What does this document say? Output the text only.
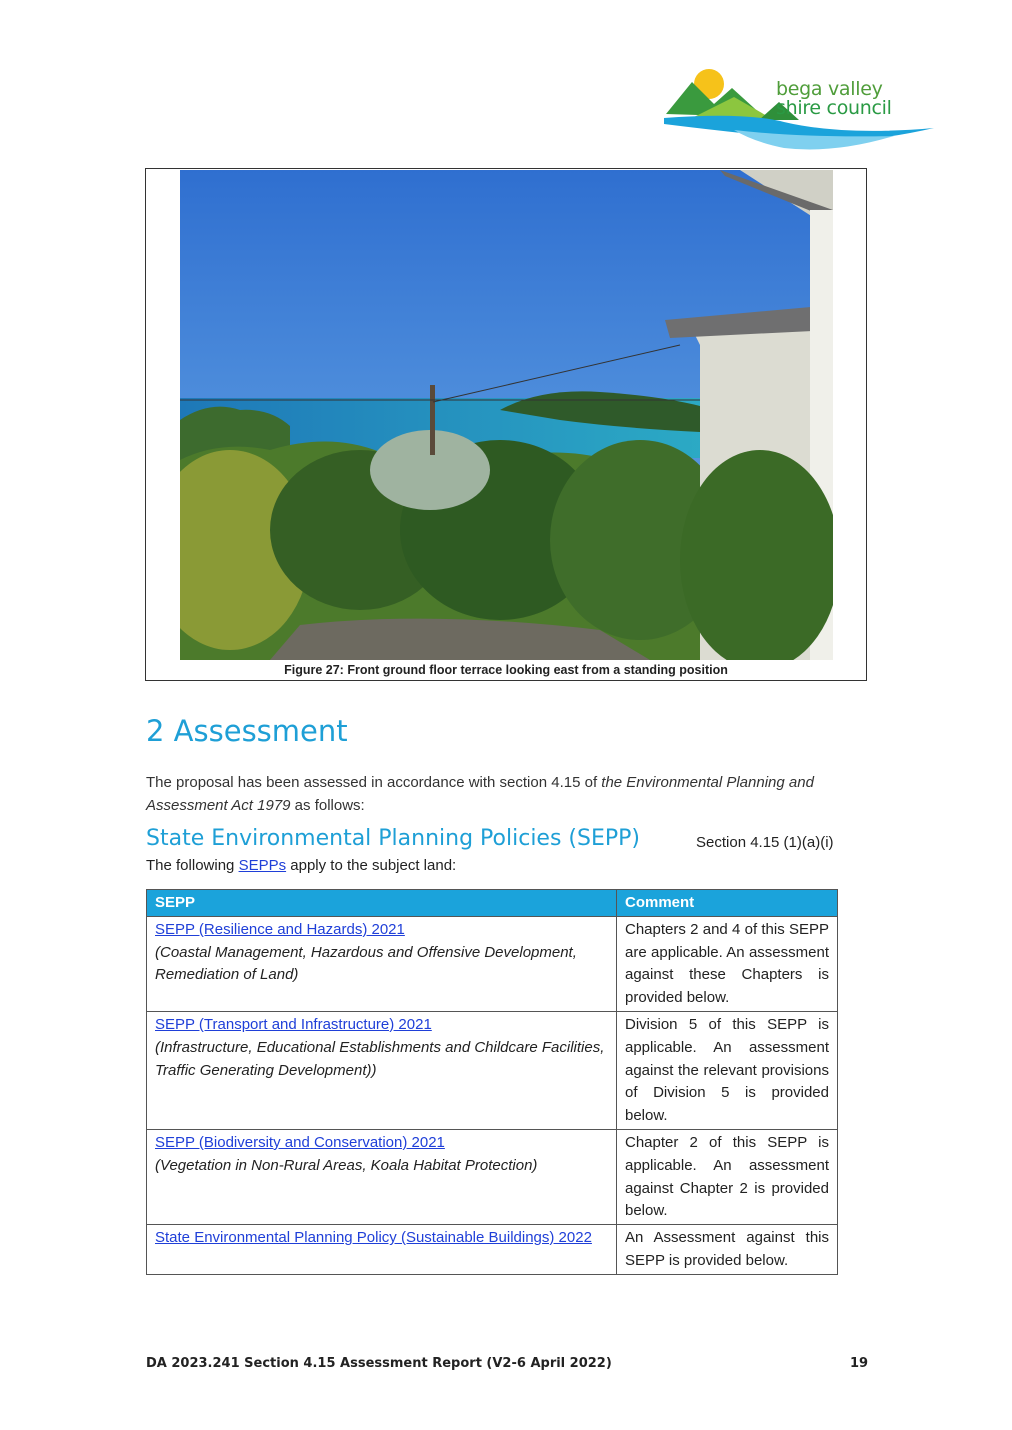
bega valley
shire council
Figure 27: Front ground floor terrace looking east from a standing position
2 Assessment

The proposal has been assessed in accordance with section 4.15 of the Environmental Planning and Assessment Act 1979 as follows:

State Environmental Planning Policies (SEPP)	Section 4.15 (1)(a)(i)

The following SEPPs apply to the subject land:

SEPP	Comment
SEPP (Resilience and Hazards) 2021
(Coastal Management, Hazardous and Offensive Development, Remediation of Land)	Chapters 2 and 4 of this SEPP are applicable. An assessment against these Chapters is provided below.
SEPP (Transport and Infrastructure) 2021
(Infrastructure, Educational Establishments and Childcare Facilities, Traffic Generating Development))	Division 5 of this SEPP is applicable. An assessment against the relevant provisions of Division 5 is provided below.
SEPP (Biodiversity and Conservation) 2021
(Vegetation in Non-Rural Areas, Koala Habitat Protection)	Chapter 2 of this SEPP is applicable. An assessment against Chapter 2 is provided below.
State Environmental Planning Policy (Sustainable Buildings) 2022	An Assessment against this SEPP is provided below.
DA 2023.241 Section 4.15 Assessment Report (V2-6 April 2022)	19
